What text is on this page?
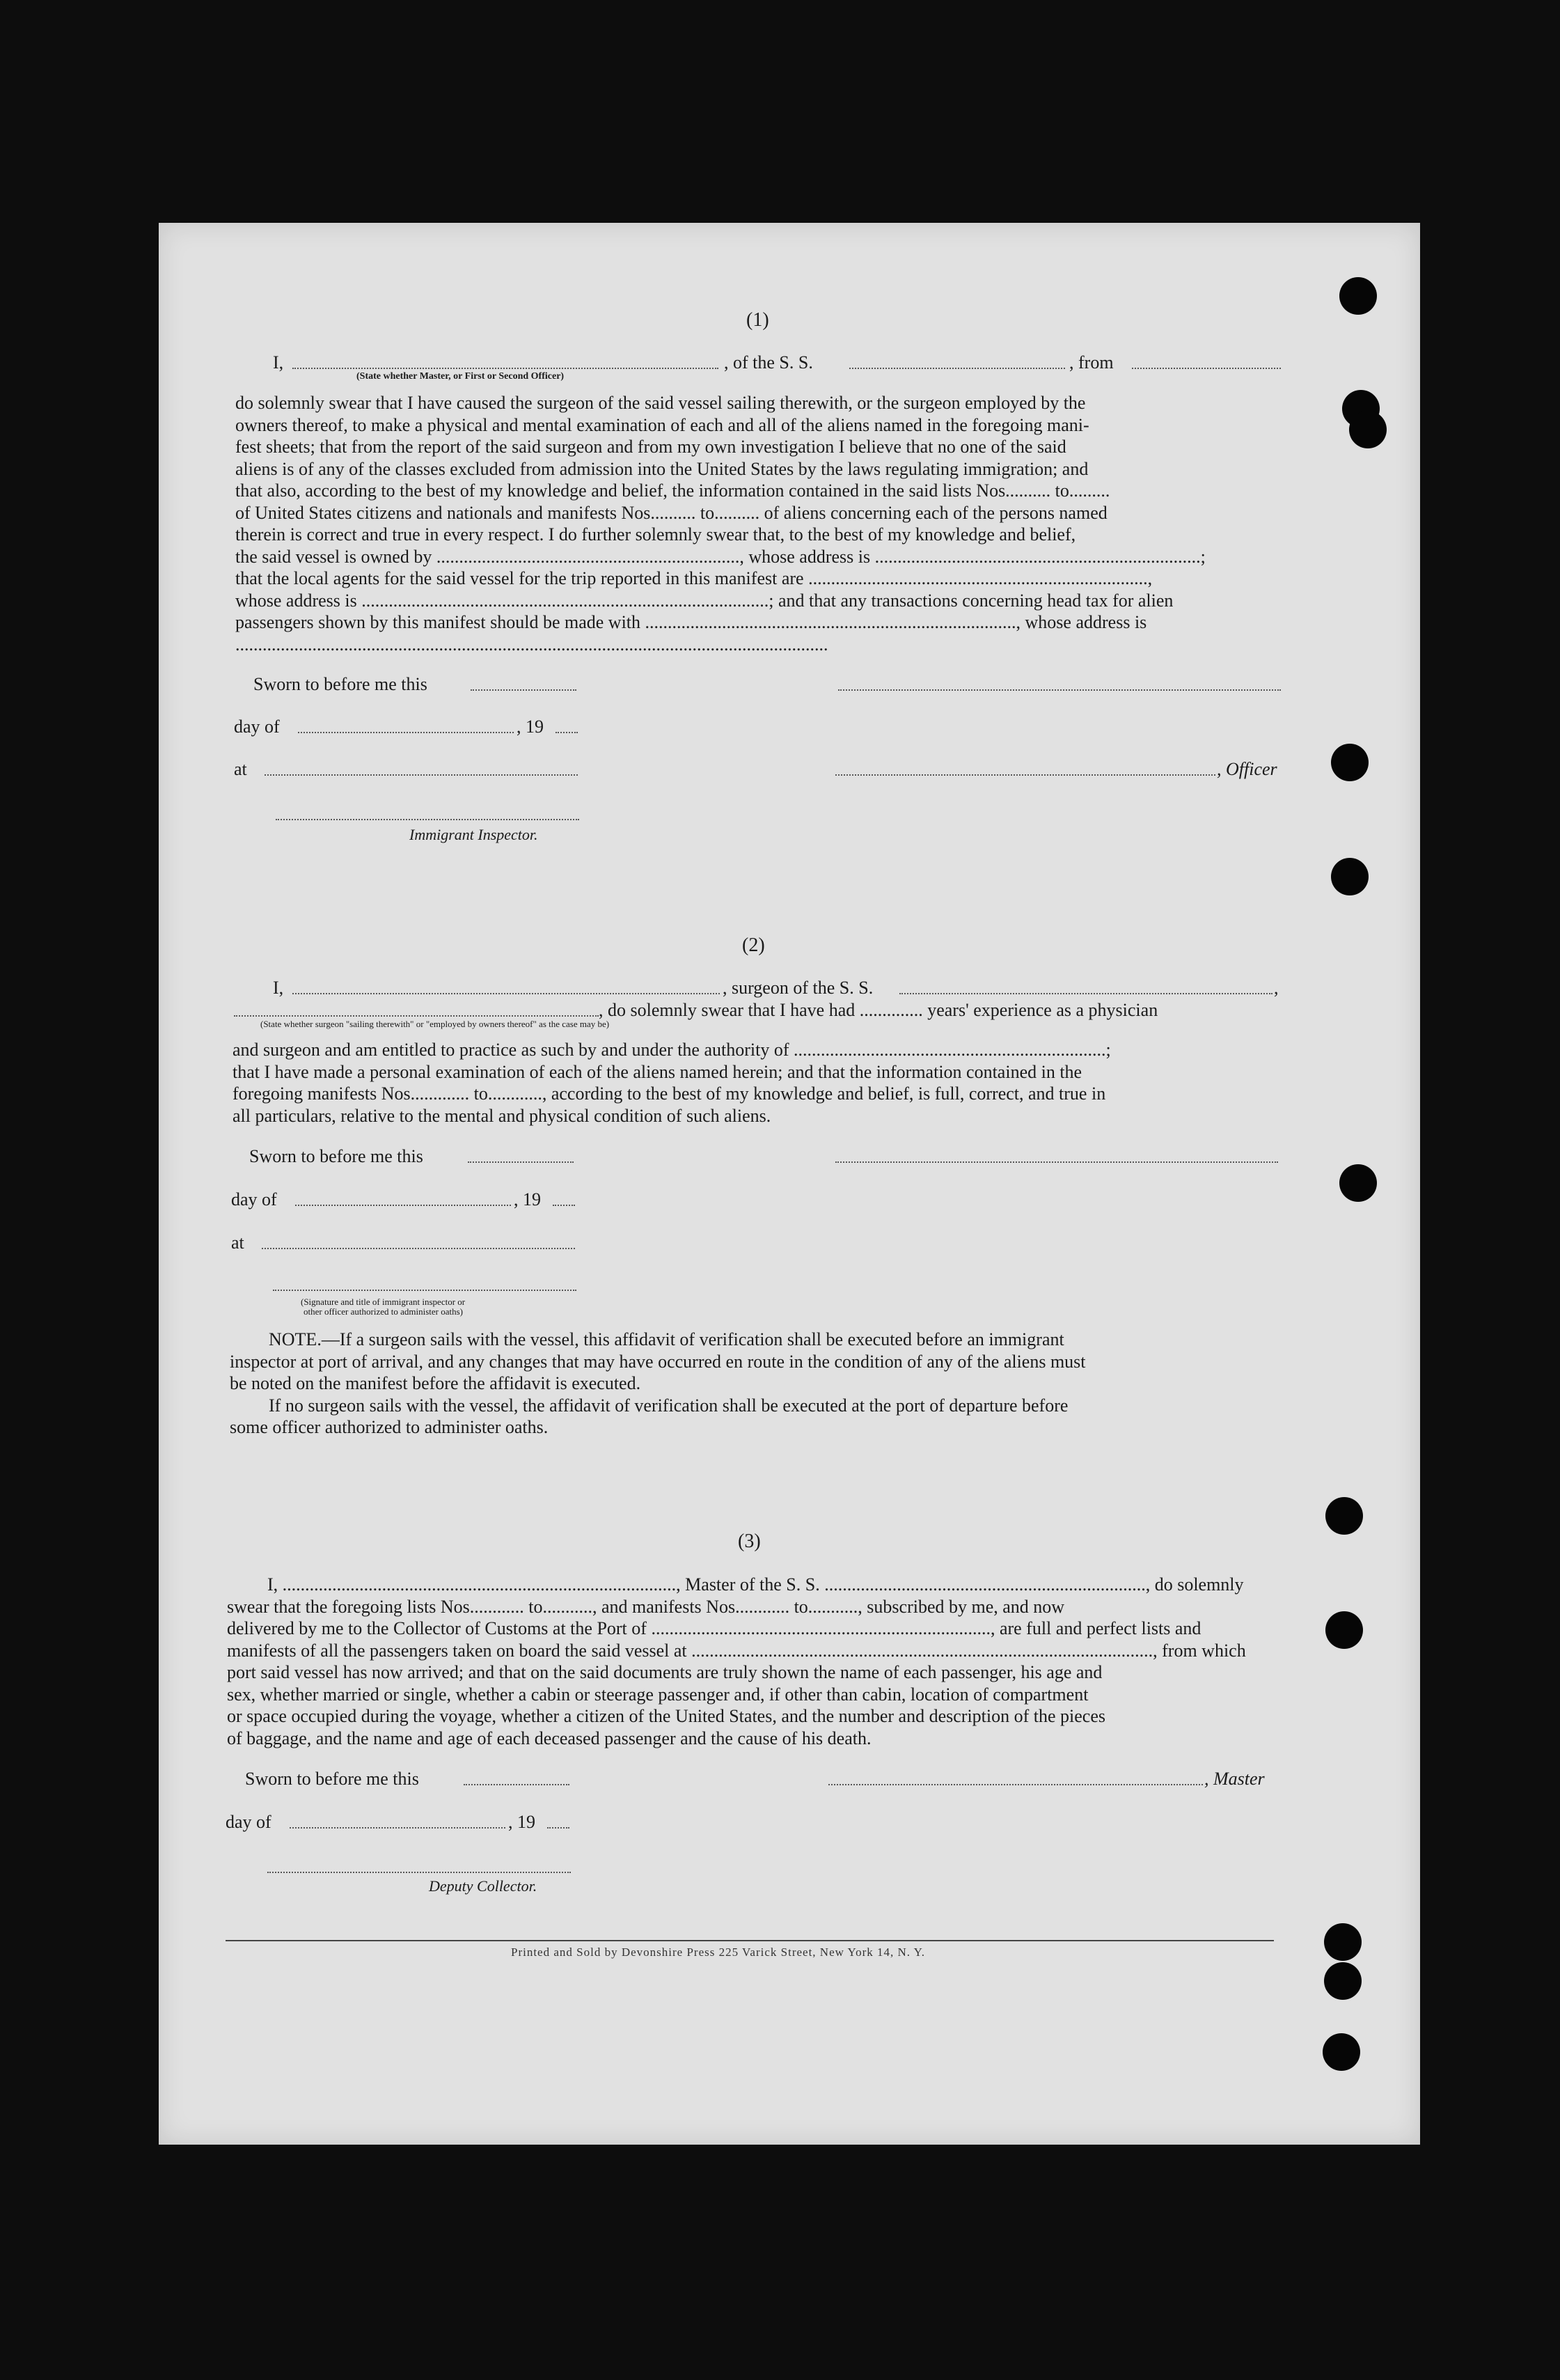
(1)
I,	, of the S. S.	, from
(State whether Master, or First or Second Officer)
do solemnly swear that I have caused the surgeon of the said vessel sailing therewith, or the surgeon employed by the
owners thereof, to make a physical and mental examination of each and all of the aliens named in the foregoing mani-
fest sheets; that from the report of the said surgeon and from my own investigation I believe that no one of the said
aliens is of any of the classes excluded from admission into the United States by the laws regulating immigration; and
that also, according to the best of my knowledge and belief, the information contained in the said lists Nos.......... to.........
of United States citizens and nationals and manifests Nos.......... to.......... of aliens concerning each of the persons named
therein is correct and true in every respect. I do further solemnly swear that, to the best of my knowledge and belief,
the said vessel is owned by ..................................................................., whose address is ........................................................................;
that the local agents for the said vessel for the trip reported in this manifest are ...........................................................................,
whose address is ..........................................................................................; and that any transactions concerning head tax for alien
passengers shown by this manifest should be made with .................................................................................., whose address is
...................................................................................................................................
Sworn to before me this
day of	, 19
at	, Officer
Immigrant Inspector.
(2)
I,	, surgeon of the S. S.	,
, do solemnly swear that I have had .............. years' experience as a physician
(State whether surgeon "sailing therewith" or "employed by owners thereof" as the case may be)
and surgeon and am entitled to practice as such by and under the authority of .....................................................................;
that I have made a personal examination of each of the aliens named herein; and that the information contained in the
foregoing manifests Nos............. to............, according to the best of my knowledge and belief, is full, correct, and true in
all particulars, relative to the mental and physical condition of such aliens.
Sworn to before me this
day of	, 19
at
(Signature and title of immigrant inspector or
other officer authorized to administer oaths)
NOTE.—If a surgeon sails with the vessel, this affidavit of verification shall be executed before an immigrant
inspector at port of arrival, and any changes that may have occurred en route in the condition of any of the aliens must
be noted on the manifest before the affidavit is executed.
If no surgeon sails with the vessel, the affidavit of verification shall be executed at the port of departure before
some officer authorized to administer oaths.
(3)
I, ......................................................................................., Master of the S. S. ......................................................................., do solemnly
swear that the foregoing lists Nos............ to..........., and manifests Nos............ to..........., subscribed by me, and now
delivered by me to the Collector of Customs at the Port of ..........................................................................., are full and perfect lists and
manifests of all the passengers taken on board the said vessel at ......................................................................................................, from which
port said vessel has now arrived; and that on the said documents are truly shown the name of each passenger, his age and
sex, whether married or single, whether a cabin or steerage passenger and, if other than cabin, location of compartment
or space occupied during the voyage, whether a citizen of the United States, and the number and description of the pieces
of baggage, and the name and age of each deceased passenger and the cause of his death.
Sworn to before me this	, Master
day of	, 19
Deputy Collector.
Printed and Sold by Devonshire Press 225 Varick Street, New York 14, N. Y.
